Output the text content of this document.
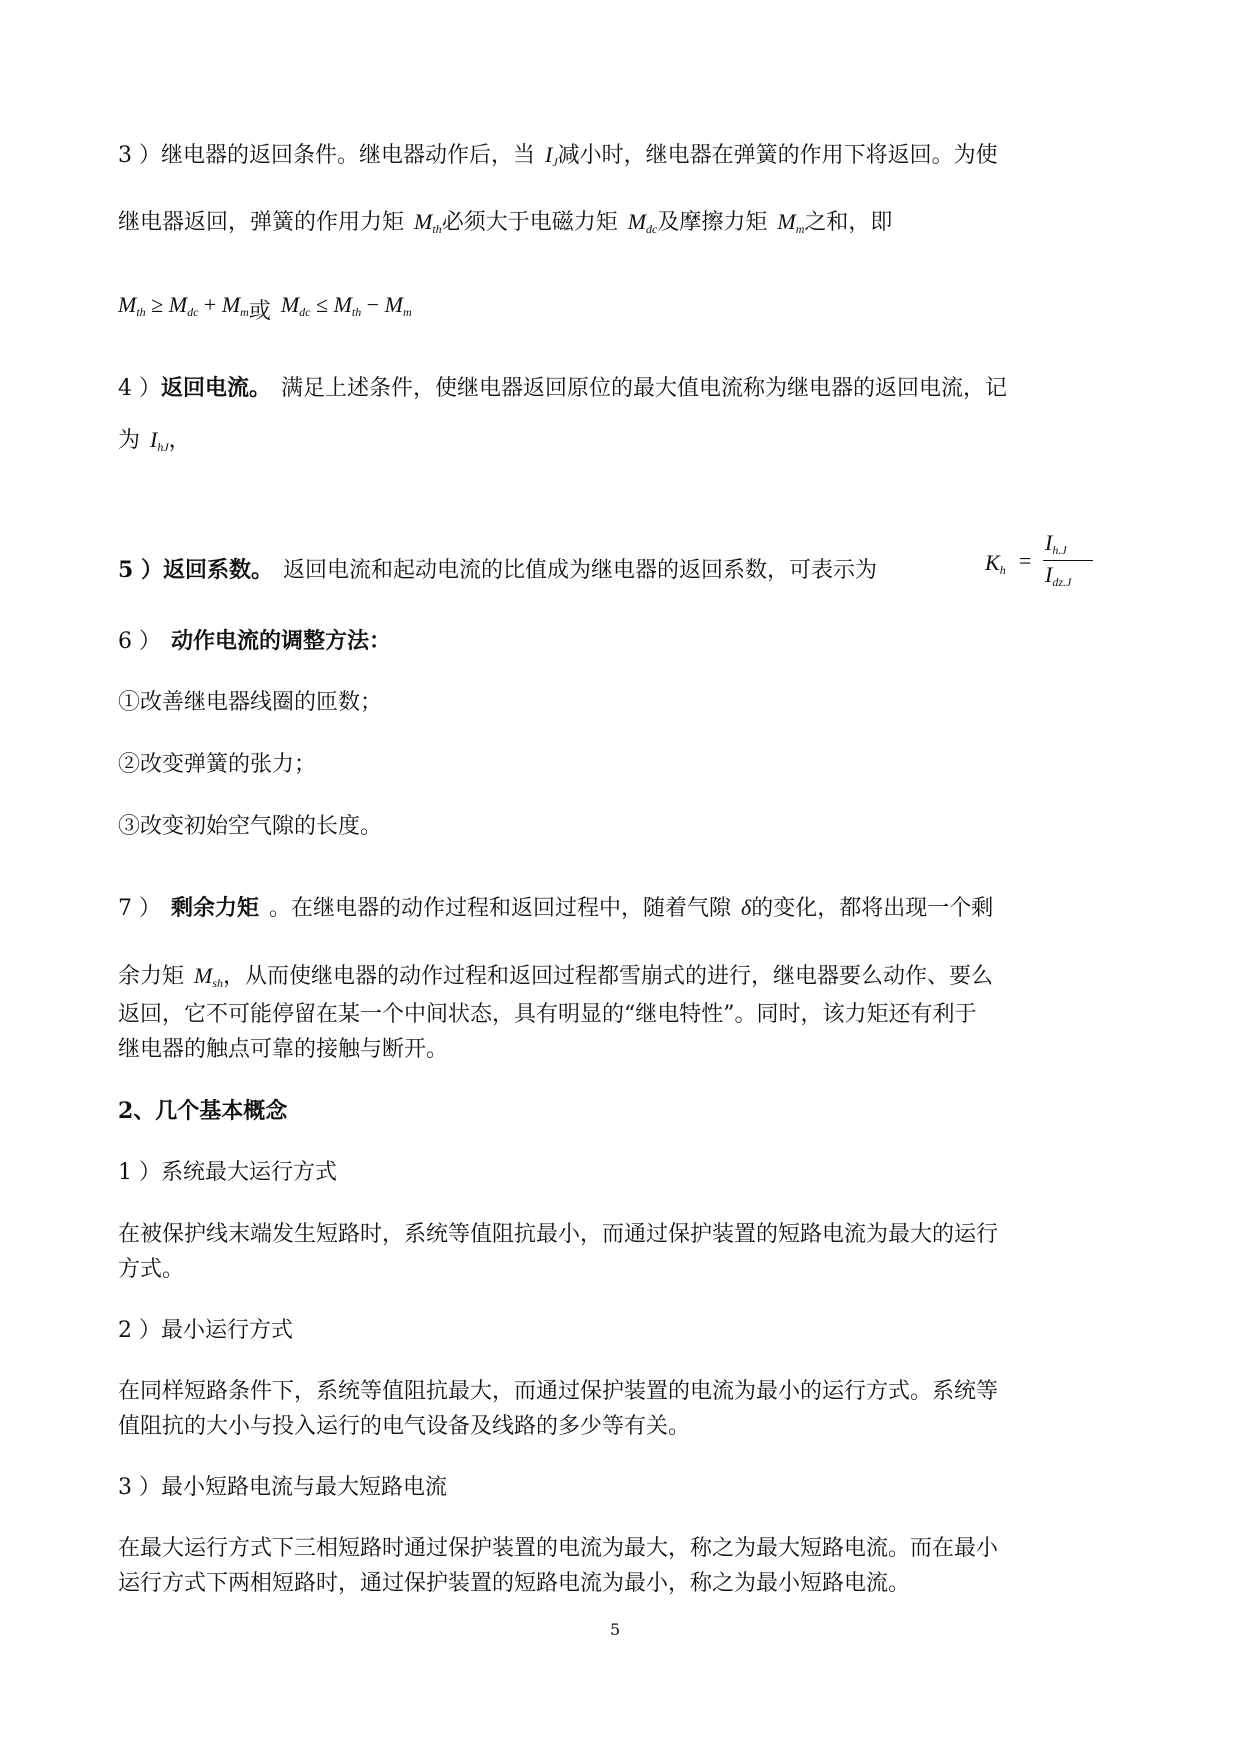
3 ）继电器的返回条件。继电器动作后，当 $I_J$减小时，继电器在弹簧的作用下将返回。为使
继电器返回，弹簧的作用力矩 $M_{th}$必须大于电磁力矩 $M_{dc}$及摩擦力矩 $M_m$之和，即
$M_{th} \ge M_{dc} + M_m$或 $M_{dc} \le M_{th} - M_m$
4 ）返回电流。 满足上述条件，使继电器返回原位的最大值电流称为继电器的返回电流，记
为 $I_{hJ}$，
5 ）返回系数。 返回电流和起动电流的比值成为继电器的返回系数，可表示为	$K_h$ =
$I_{h.J}$
$I_{dz.J}$
6 ） 动作电流的调整方法：
①改善继电器线圈的匝数；
②改变弹簧的张力；
③改变初始空气隙的长度。
7 ） 剩余力矩 。在继电器的动作过程和返回过程中，随着气隙 δ的变化，都将出现一个剩
余力矩 $M_{sh}$，从而使继电器的动作过程和返回过程都雪崩式的进行，继电器要么动作、要么
返回，它不可能停留在某一个中间状态，具有明显的“继电特性”。同时，该力矩还有利于
继电器的触点可靠的接触与断开。
2、几个基本概念
1 ）系统最大运行方式
在被保护线末端发生短路时，系统等值阻抗最小，而通过保护装置的短路电流为最大的运行
方式。
2 ）最小运行方式
在同样短路条件下，系统等值阻抗最大，而通过保护装置的电流为最小的运行方式。系统等
值阻抗的大小与投入运行的电气设备及线路的多少等有关。
3 ）最小短路电流与最大短路电流
在最大运行方式下三相短路时通过保护装置的电流为最大，称之为最大短路电流。而在最小
运行方式下两相短路时，通过保护装置的短路电流为最小，称之为最小短路电流。
5
